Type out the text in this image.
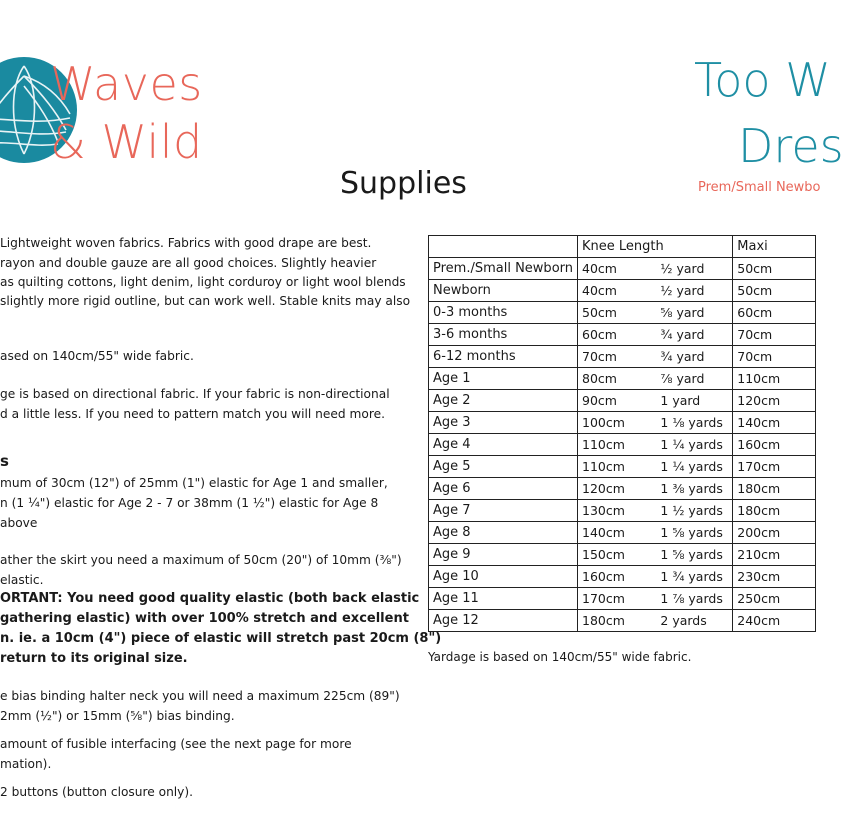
Waves
& Wild
Too W
Dres
Prem/Small Newbo
Supplies
Lightweight woven fabrics. Fabrics with good drape are best.
rayon and double gauze are all good choices. Slightly heavier
as quilting cottons, light denim, light corduroy or light wool blends
slightly more rigid outline, but can work well. Stable knits may also
ased on 140cm/55" wide fabric.
ge is based on directional fabric. If your fabric is non-directional
d a little less. If you need to pattern match you will need more.
s
mum of 30cm (12") of 25mm (1") elastic for Age 1 and smaller,
n (1 ¼") elastic for Age 2 - 7 or 38mm (1 ½") elastic for Age 8
above
ather the skirt you need a maximum of 50cm (20") of 10mm (⅜")
elastic.
ORTANT: You need good quality elastic (both back elastic
gathering elastic) with over 100% stretch and excellent
n. ie. a 10cm (4") piece of elastic will stretch past 20cm (8")
return to its original size.
e bias binding halter neck you will need a maximum 225cm (89")
2mm (½") or 15mm (⅝") bias binding.
amount of fusible interfacing (see the next page for more
mation).
2 buttons (button closure only).
	Knee Length		Maxi
Prem./Small Newborn	40cm	½ yard	50cm
Newborn	40cm	½ yard	50cm
0-3 months	50cm	⅝ yard	60cm
3-6 months	60cm	¾ yard	70cm
6-12 months	70cm	¾ yard	70cm
Age 1	80cm	⅞ yard	110cm
Age 2	90cm	1 yard	120cm
Age 3	100cm	1 ⅛ yards	140cm
Age 4	110cm	1 ¼ yards	160cm
Age 5	110cm	1 ¼ yards	170cm
Age 6	120cm	1 ⅜ yards	180cm
Age 7	130cm	1 ½ yards	180cm
Age 8	140cm	1 ⅝ yards	200cm
Age 9	150cm	1 ⅝ yards	210cm
Age 10	160cm	1 ¾ yards	230cm
Age 11	170cm	1 ⅞ yards	250cm
Age 12	180cm	2 yards	240cm
Yardage is based on 140cm/55" wide fabric.
